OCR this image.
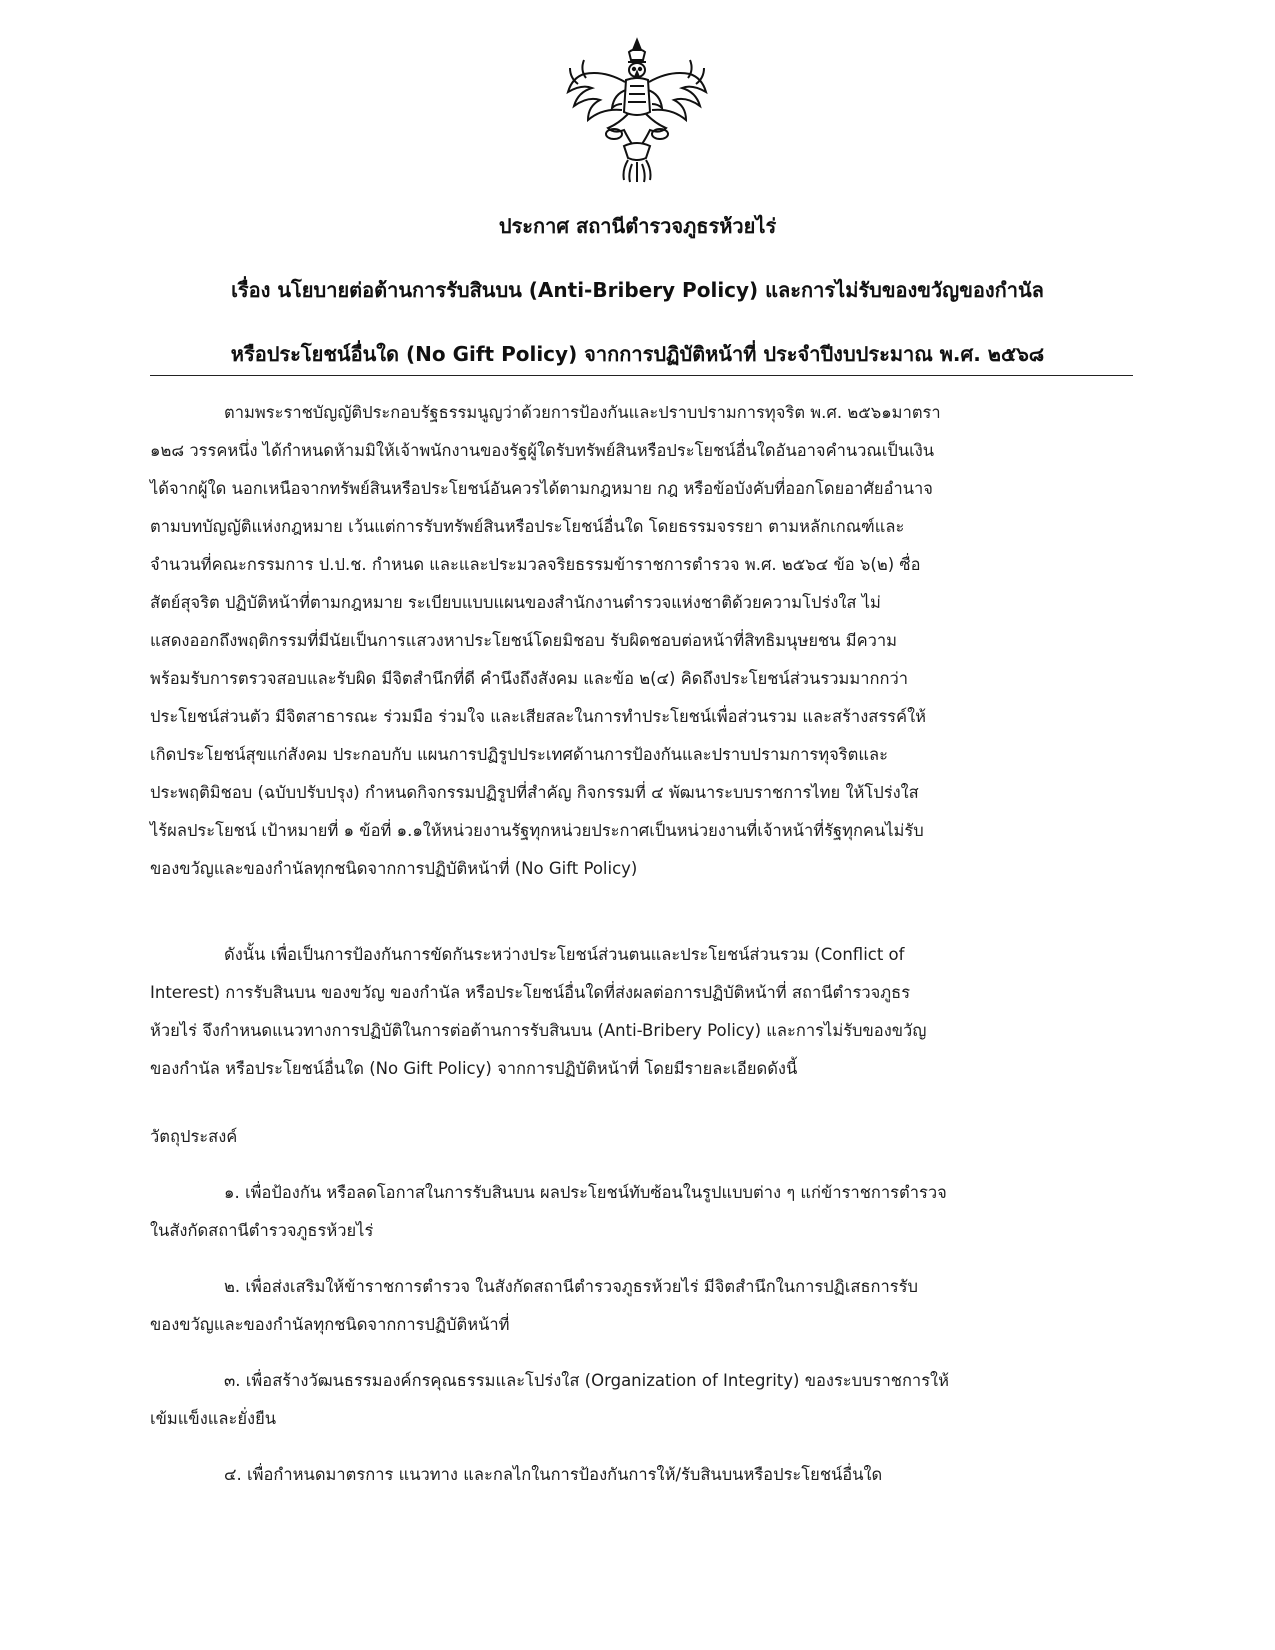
ประกาศ สถานีตำรวจภูธรห้วยไร่
เรื่อง นโยบายต่อต้านการรับสินบน (Anti-Bribery Policy) และการไม่รับของขวัญของกำนัล
หรือประโยชน์อื่นใด (No Gift Policy) จากการปฏิบัติหน้าที่ ประจำปีงบประมาณ พ.ศ. ๒๕๖๘
ตามพระราชบัญญัติประกอบรัฐธรรมนูญว่าด้วยการป้องกันและปราบปรามการทุจริต พ.ศ. ๒๕๖๑มาตรา
๑๒๘ วรรคหนึ่ง ได้กำหนดห้ามมิให้เจ้าพนักงานของรัฐผู้ใดรับทรัพย์สินหรือประโยชน์อื่นใดอันอาจคำนวณเป็นเงิน
ได้จากผู้ใด นอกเหนือจากทรัพย์สินหรือประโยชน์อันควรได้ตามกฎหมาย กฎ หรือข้อบังคับที่ออกโดยอาศัยอำนาจ
ตามบทบัญญัติแห่งกฎหมาย เว้นแต่การรับทรัพย์สินหรือประโยชน์อื่นใด โดยธรรมจรรยา ตามหลักเกณฑ์และ
จำนวนที่คณะกรรมการ ป.ป.ช. กำหนด และและประมวลจริยธรรมข้าราชการตำรวจ พ.ศ. ๒๕๖๔ ข้อ ๖(๒) ซื่อ
สัตย์สุจริต ปฏิบัติหน้าที่ตามกฎหมาย ระเบียบแบบแผนของสำนักงานตำรวจแห่งชาติด้วยความโปร่งใส ไม่
แสดงออกถึงพฤติกรรมที่มีนัยเป็นการแสวงหาประโยชน์โดยมิชอบ รับผิดชอบต่อหน้าที่สิทธิมนุษยชน มีความ
พร้อมรับการตรวจสอบและรับผิด มีจิตสำนึกที่ดี คำนึงถึงสังคม และข้อ ๒(๔) คิดถึงประโยชน์ส่วนรวมมากกว่า
ประโยชน์ส่วนตัว มีจิตสาธารณะ ร่วมมือ ร่วมใจ และเสียสละในการทำประโยชน์เพื่อส่วนรวม และสร้างสรรค์ให้
เกิดประโยชน์สุขแก่สังคม ประกอบกับ แผนการปฏิรูปประเทศด้านการป้องกันและปราบปรามการทุจริตและ
ประพฤติมิชอบ (ฉบับปรับปรุง) กำหนดกิจกรรมปฏิรูปที่สำคัญ กิจกรรมที่ ๔ พัฒนาระบบราชการไทย ให้โปร่งใส
ไร้ผลประโยชน์ เป้าหมายที่ ๑ ข้อที่ ๑.๑ให้หน่วยงานรัฐทุกหน่วยประกาศเป็นหน่วยงานที่เจ้าหน้าที่รัฐทุกคนไม่รับ
ของขวัญและของกำนัลทุกชนิดจากการปฏิบัติหน้าที่ (No Gift Policy)
ดังนั้น เพื่อเป็นการป้องกันการขัดกันระหว่างประโยชน์ส่วนตนและประโยชน์ส่วนรวม (Conflict of
Interest) การรับสินบน ของขวัญ ของกำนัล หรือประโยชน์อื่นใดที่ส่งผลต่อการปฏิบัติหน้าที่ สถานีตำรวจภูธร
ห้วยไร่ จึงกำหนดแนวทางการปฏิบัติในการต่อต้านการรับสินบน (Anti-Bribery Policy) และการไม่รับของขวัญ
ของกำนัล หรือประโยชน์อื่นใด (No Gift Policy) จากการปฏิบัติหน้าที่ โดยมีรายละเอียดดังนี้
วัตถุประสงค์
๑. เพื่อป้องกัน หรือลดโอกาสในการรับสินบน ผลประโยชน์ทับซ้อนในรูปแบบต่าง ๆ แก่ข้าราชการตำรวจ
ในสังกัดสถานีตำรวจภูธรห้วยไร่
๒. เพื่อส่งเสริมให้ข้าราชการตำรวจ ในสังกัดสถานีตำรวจภูธรห้วยไร่ มีจิตสำนึกในการปฏิเสธการรับ
ของขวัญและของกำนัลทุกชนิดจากการปฏิบัติหน้าที่
๓. เพื่อสร้างวัฒนธรรมองค์กรคุณธรรมและโปร่งใส (Organization of Integrity) ของระบบราชการให้
เข้มแข็งและยั่งยืน
๔. เพื่อกำหนดมาตรการ แนวทาง และกลไกในการป้องกันการให้/รับสินบนหรือประโยชน์อื่นใด
